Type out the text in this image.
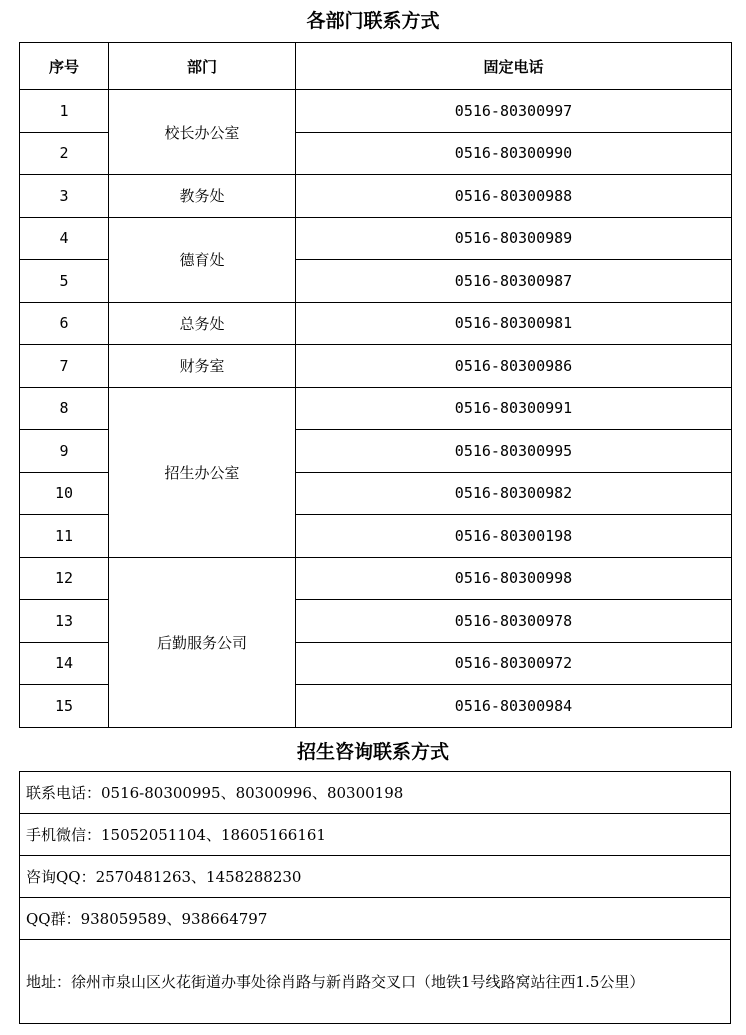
各部门联系方式
序号	部门	固定电话
1	校长办公室	0516-80300997
2		0516-80300990
3	教务处	0516-80300988
4	德育处	0516-80300989
5		0516-80300987
6	总务处	0516-80300981
7	财务室	0516-80300986
8	招生办公室	0516-80300991
9		0516-80300995
10		0516-80300982
11		0516-80300198
12	后勤服务公司	0516-80300998
13		0516-80300978
14		0516-80300972
15		0516-80300984
招生咨询联系方式
联系电话：0516-80300995、80300996、80300198
手机微信：15052051104、18605166161
咨询QQ：2570481263、1458288230
QQ群：938059589、938664797
地址：徐州市泉山区火花街道办事处徐肖路与新肖路交叉口（地铁1号线路窝站往西1.5公里）
